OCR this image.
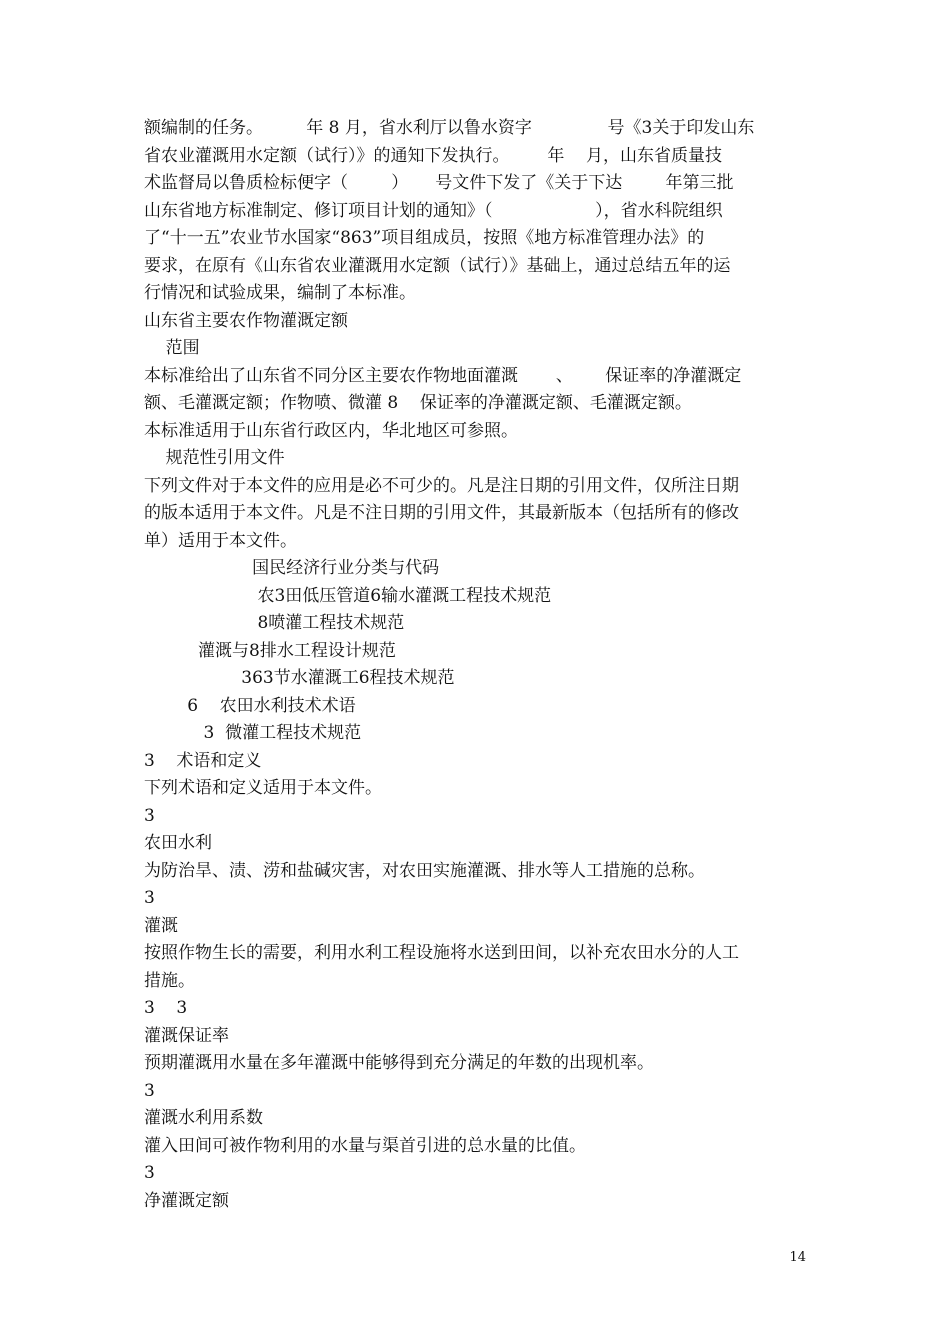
额编制的任务。        年 8 月，省水利厅以鲁水资字              号《3关于印发山东
省农业灌溉用水定额（试行）》的通知下发执行。       年    月，山东省质量技
术监督局以鲁质检标便字（        ）     号文件下发了《关于下达        年第三批
山东省地方标准制定、修订项目计划的通知》（                   ），省水科院组织
了“十一五”农业节水国家“863”项目组成员，按照《地方标准管理办法》的
要求，在原有《山东省农业灌溉用水定额（试行）》基础上，通过总结五年的运
行情况和试验成果，编制了本标准。
山东省主要农作物灌溉定额
范围
本标准给出了山东省不同分区主要农作物地面灌溉       、      保证率的净灌溉定
额、毛灌溉定额；作物喷、微灌 8    保证率的净灌溉定额、毛灌溉定额。
本标准适用于山东省行政区内，华北地区可参照。
规范性引用文件
下列文件对于本文件的应用是必不可少的。凡是注日期的引用文件，仅所注日期
的版本适用于本文件。凡是不注日期的引用文件，其最新版本（包括所有的修改
单）适用于本文件。
国民经济行业分类与代码
农3田低压管道6输水灌溉工程技术规范
8喷灌工程技术规范
灌溉与8排水工程设计规范
363节水灌溉工6程技术规范
6    农田水利技术术语
3  微灌工程技术规范
3    术语和定义
下列术语和定义适用于本文件。
3
农田水利
为防治旱、渍、涝和盐碱灾害，对农田实施灌溉、排水等人工措施的总称。
3
灌溉
按照作物生长的需要，利用水利工程设施将水送到田间，以补充农田水分的人工
措施。
3    3
灌溉保证率
预期灌溉用水量在多年灌溉中能够得到充分满足的年数的出现机率。
3
灌溉水利用系数
灌入田间可被作物利用的水量与渠首引进的总水量的比值。
3
净灌溉定额
14
